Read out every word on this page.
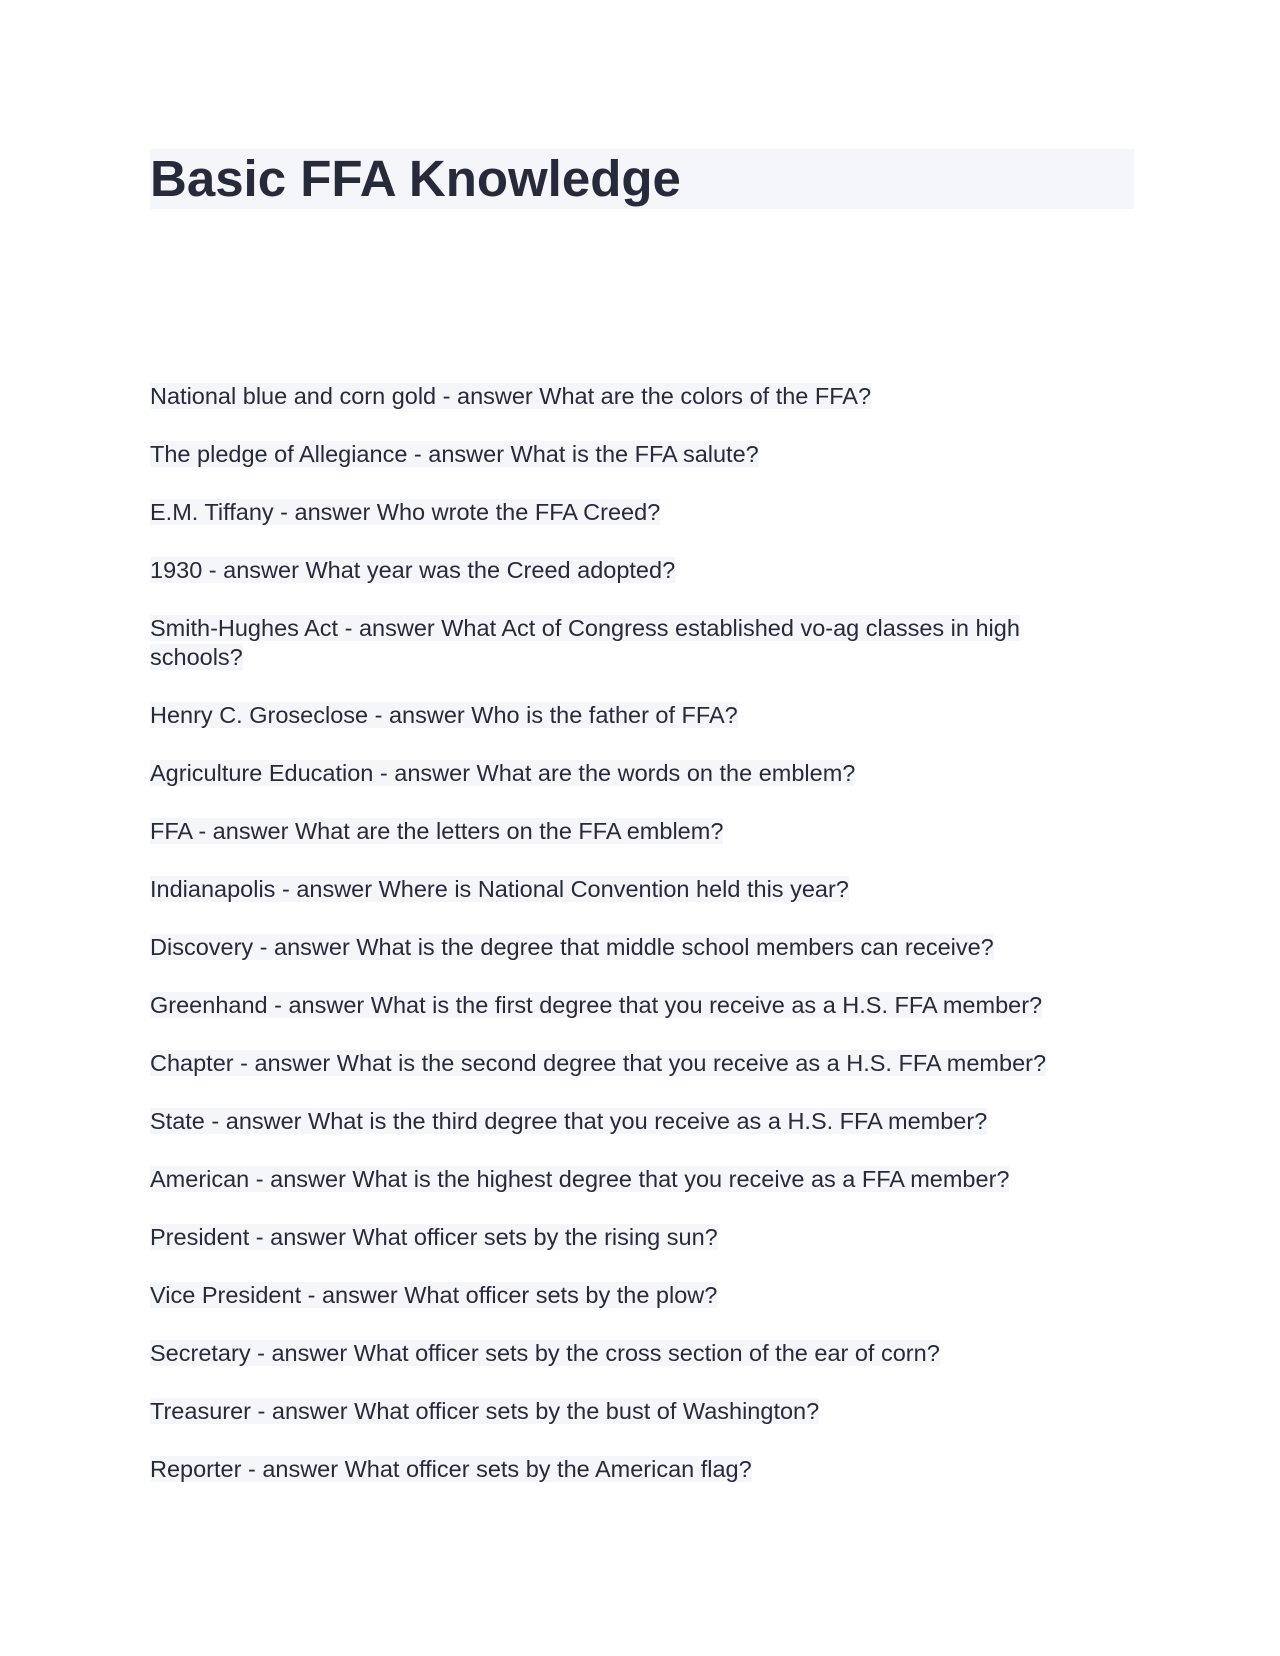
Basic FFA Knowledge
National blue and corn gold - answer What are the colors of the FFA?
The pledge of Allegiance - answer What is the FFA salute?
E.M. Tiffany - answer Who wrote the FFA Creed?
1930 - answer What year was the Creed adopted?
Smith-Hughes Act - answer What Act of Congress established vo-ag classes in high schools?
Henry C. Groseclose - answer Who is the father of FFA?
Agriculture Education - answer What are the words on the emblem?
FFA - answer What are the letters on the FFA emblem?
Indianapolis - answer Where is National Convention held this year?
Discovery - answer What is the degree that middle school members can receive?
Greenhand - answer What is the first degree that you receive as a H.S. FFA member?
Chapter - answer What is the second degree that you receive as a H.S. FFA member?
State - answer What is the third degree that you receive as a H.S. FFA member?
American - answer What is the highest degree that you receive as a FFA member?
President - answer What officer sets by the rising sun?
Vice President - answer What officer sets by the plow?
Secretary - answer What officer sets by the cross section of the ear of corn?
Treasurer - answer What officer sets by the bust of Washington?
Reporter - answer What officer sets by the American flag?
